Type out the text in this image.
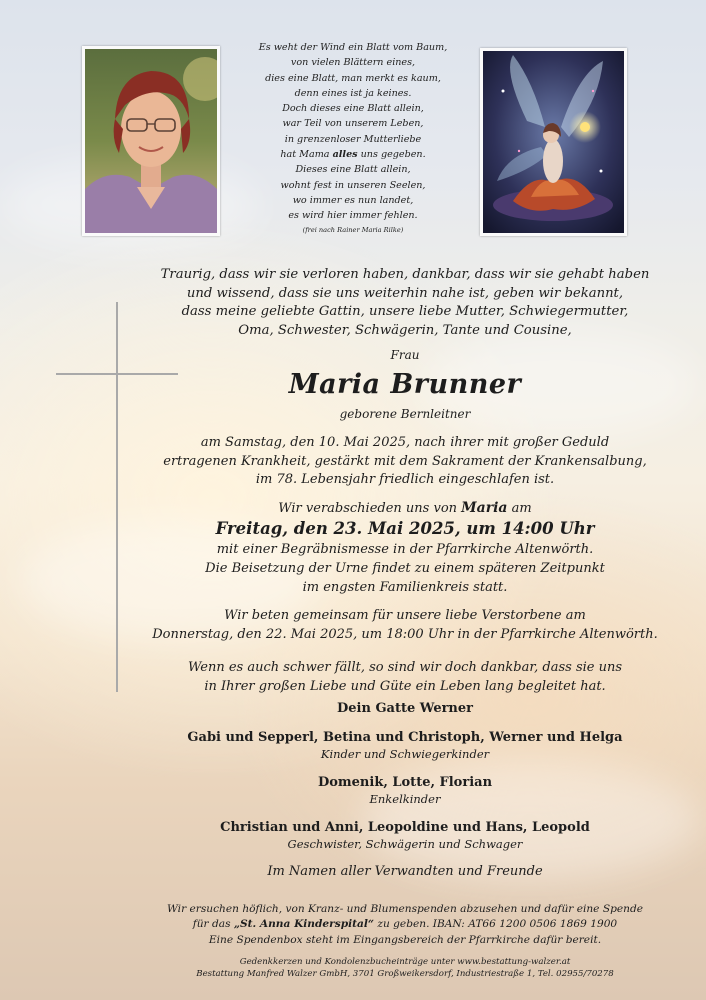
Es weht der Wind ein Blatt vom Baum,
von vielen Blättern eines,
dies eine Blatt, man merkt es kaum,
denn eines ist ja keines.
Doch dieses eine Blatt allein,
war Teil von unserem Leben,
in grenzenloser Mutterliebe
hat Mama alles uns gegeben.
Dieses eine Blatt allein,
wohnt fest in unseren Seelen,
wo immer es nun landet,
es wird hier immer fehlen.
(frei nach Rainer Maria Rilke)
Traurig, dass wir sie verloren haben, dankbar, dass wir sie gehabt haben
und wissend, dass sie uns weiterhin nahe ist, geben wir bekannt,
dass meine geliebte Gattin, unsere liebe Mutter, Schwiegermutter,
Oma, Schwester, Schwägerin, Tante und Cousine,
Frau
Maria Brunner
geborene Bernleitner
am Samstag, den 10. Mai 2025, nach ihrer mit großer Geduld
ertragenen Krankheit, gestärkt mit dem Sakrament der Krankensalbung,
im 78. Lebensjahr friedlich eingeschlafen ist.
Wir verabschieden uns von Maria am
Freitag, den 23. Mai 2025, um 14:00 Uhr
mit einer Begräbnismesse in der Pfarrkirche Altenwörth.
Die Beisetzung der Urne findet zu einem späteren Zeitpunkt
im engsten Familienkreis statt.
Wir beten gemeinsam für unsere liebe Verstorbene am
Donnerstag, den 22. Mai 2025, um 18:00 Uhr in der Pfarrkirche Altenwörth.
Wenn es auch schwer fällt, so sind wir doch dankbar, dass sie uns
in Ihrer großen Liebe und Güte ein Leben lang begleitet hat.
Dein Gatte Werner
Gabi und Sepperl, Betina und Christoph, Werner und Helga
Kinder und Schwiegerkinder
Domenik, Lotte, Florian
Enkelkinder
Christian und Anni, Leopoldine und Hans, Leopold
Geschwister, Schwägerin und Schwager
Im Namen aller Verwandten und Freunde
Wir ersuchen höflich, von Kranz- und Blumenspenden abzusehen und dafür eine Spende
für das „St. Anna Kinderspital“ zu geben. IBAN: AT66 1200 0506 1869 1900
Eine Spendenbox steht im Eingangsbereich der Pfarrkirche dafür bereit.
Gedenkkerzen und Kondolenzbucheinträge unter www.bestattung-walzer.at
Bestattung Manfred Walzer GmbH, 3701 Großweikersdorf, Industriestraße 1, Tel. 02955/70278
